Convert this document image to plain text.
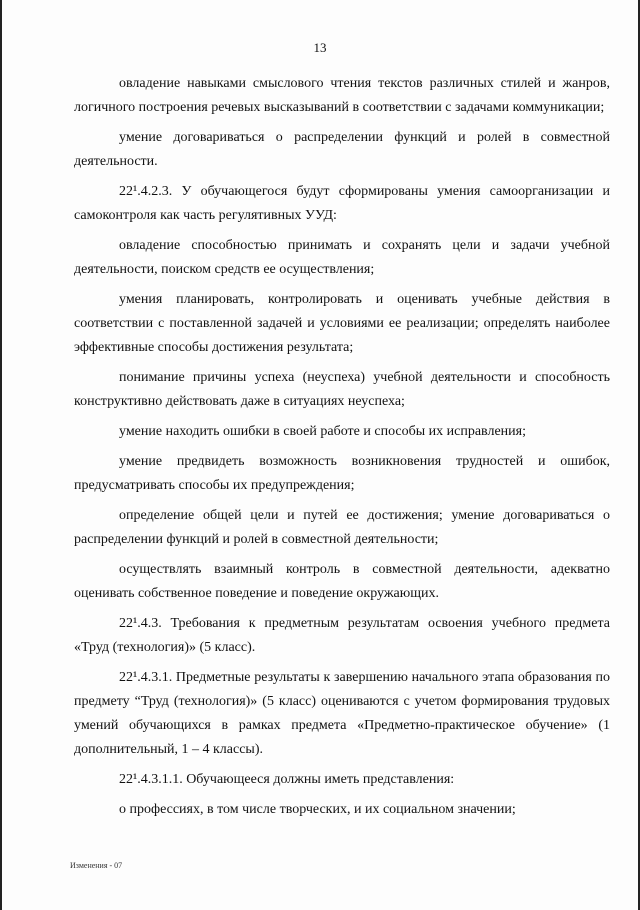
13

овладение навыками смыслового чтения текстов различных стилей и жанров, логичного построения речевых высказываний в соответствии с задачами коммуникации;

умение договариваться о распределении функций и ролей в совместной деятельности.

22¹.4.2.3. У обучающегося будут сформированы умения самоорганизации и самоконтроля как часть регулятивных УУД:

овладение способностью принимать и сохранять цели и задачи учебной деятельности, поиском средств ее осуществления;

умения планировать, контролировать и оценивать учебные действия в соответствии с поставленной задачей и условиями ее реализации; определять наиболее эффективные способы достижения результата;

понимание причины успеха (неуспеха) учебной деятельности и способность конструктивно действовать даже в ситуациях неуспеха;

умение находить ошибки в своей работе и способы их исправления;

умение предвидеть возможность возникновения трудностей и ошибок, предусматривать способы их предупреждения;

определение общей цели и путей ее достижения; умение договариваться о распределении функций и ролей в совместной деятельности;

осуществлять взаимный контроль в совместной деятельности, адекватно оценивать собственное поведение и поведение окружающих.

22¹.4.3. Требования к предметным результатам освоения учебного предмета «Труд (технология)» (5 класс).

22¹.4.3.1. Предметные результаты к завершению начального этапа образования по предмету “Труд (технология)» (5 класс) оцениваются с учетом формирования трудовых умений обучающихся в рамках предмета «Предметно-практическое обучение» (1 дополнительный, 1 – 4 классы).

22¹.4.3.1.1. Обучающееся должны иметь представления:

о профессиях, в том числе творческих, и их социальном значении;

Изменения - 07
